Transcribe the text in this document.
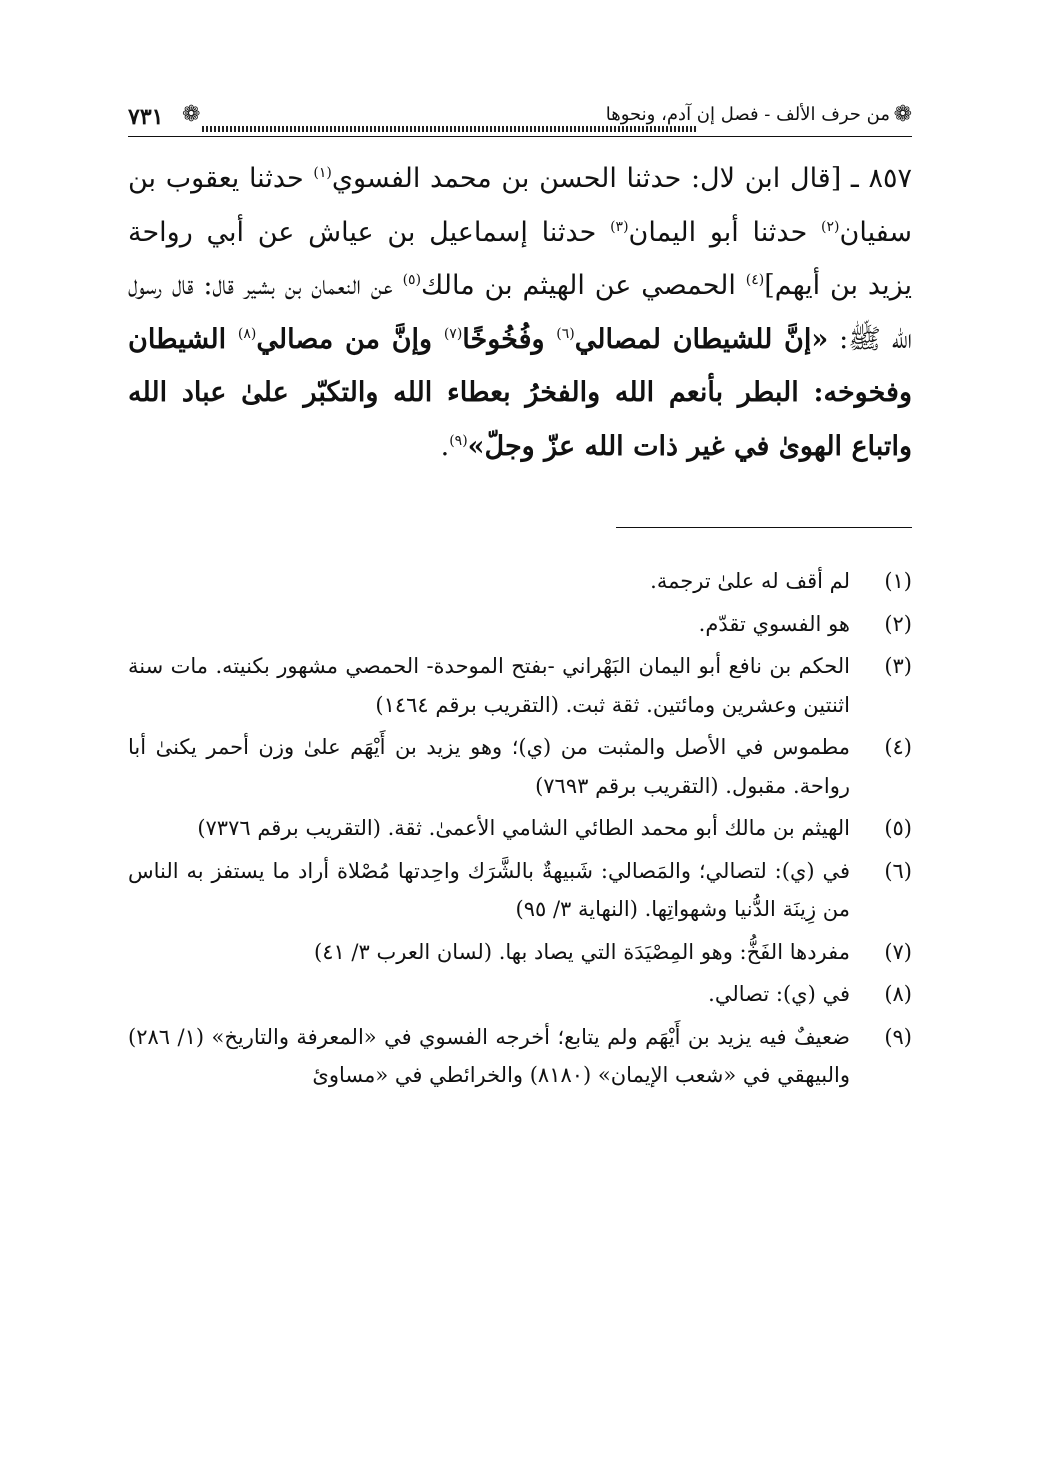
❁
من حرف الألف - فصل إن آدم، ونحوها
❁
٧٣١

٨٥٧ ـ [قال ابن لال: حدثنا الحسن بن محمد الفسوي$^{(١)}$ حدثنا يعقوب بن سفيان$^{(٢)}$ حدثنا أبو اليمان$^{(٣)}$ حدثنا إسماعيل بن عياش عن أبي رواحة يزيد بن أيهم]$^{(٤)}$ الحمصي عن الهيثم بن مالك$^{(٥)}$ عن النعمان بن بشير قال: قال رسول الله ﷺ: «إنَّ للشيطان لمصالي$^{(٦)}$ وفُخُوخًا$^{(٧)}$ وإنَّ من مصالي$^{(٨)}$ الشيطان وفخوخه: البطر بأنعم الله والفخرُ بعطاء الله والتكبّر علىٰ عباد الله واتباع الهوىٰ في غير ذات الله عزّ وجلّ»$^{(٩)}$.

(١)
لم أقف له علىٰ ترجمة.
(٢)
هو الفسوي تقدّم.
(٣)
الحكم بن نافع أبو اليمان البَهْراني -بفتح الموحدة- الحمصي مشهور بكنيته. مات سنة اثنتين وعشرين ومائتين. ثقة ثبت. (التقريب برقم ١٤٦٤)
(٤)
مطموس في الأصل والمثبت من (ي)؛ وهو يزيد بن أَيْهَم علىٰ وزن أحمر يكنىٰ أبا رواحة. مقبول. (التقريب برقم ٧٦٩٣)
(٥)
الهيثم بن مالك أبو محمد الطائي الشامي الأعمىٰ. ثقة. (التقريب برقم ٧٣٧٦)
(٦)
في (ي): لتصالي؛ والمَصالي: شَبيهةٌ بالشَّرَك واحِدتها مُصْلاة أراد ما يستفز به الناس من زِينَة الدُّنيا وشهواتِها. (النهاية ٣/ ٩٥)
(٧)
مفردها الفَخُّ: وهو المِصْيَدَة التي يصاد بها. (لسان العرب ٣/ ٤١)
(٨)
في (ي): تصالي.
(٩)
ضعيفٌ فيه يزيد بن أَيْهَم ولم يتابع؛ أخرجه الفسوي في «المعرفة والتاريخ» (١/ ٢٨٦) والبيهقي في «شعب الإيمان» (٨١٨٠) والخرائطي في «مساوئ
